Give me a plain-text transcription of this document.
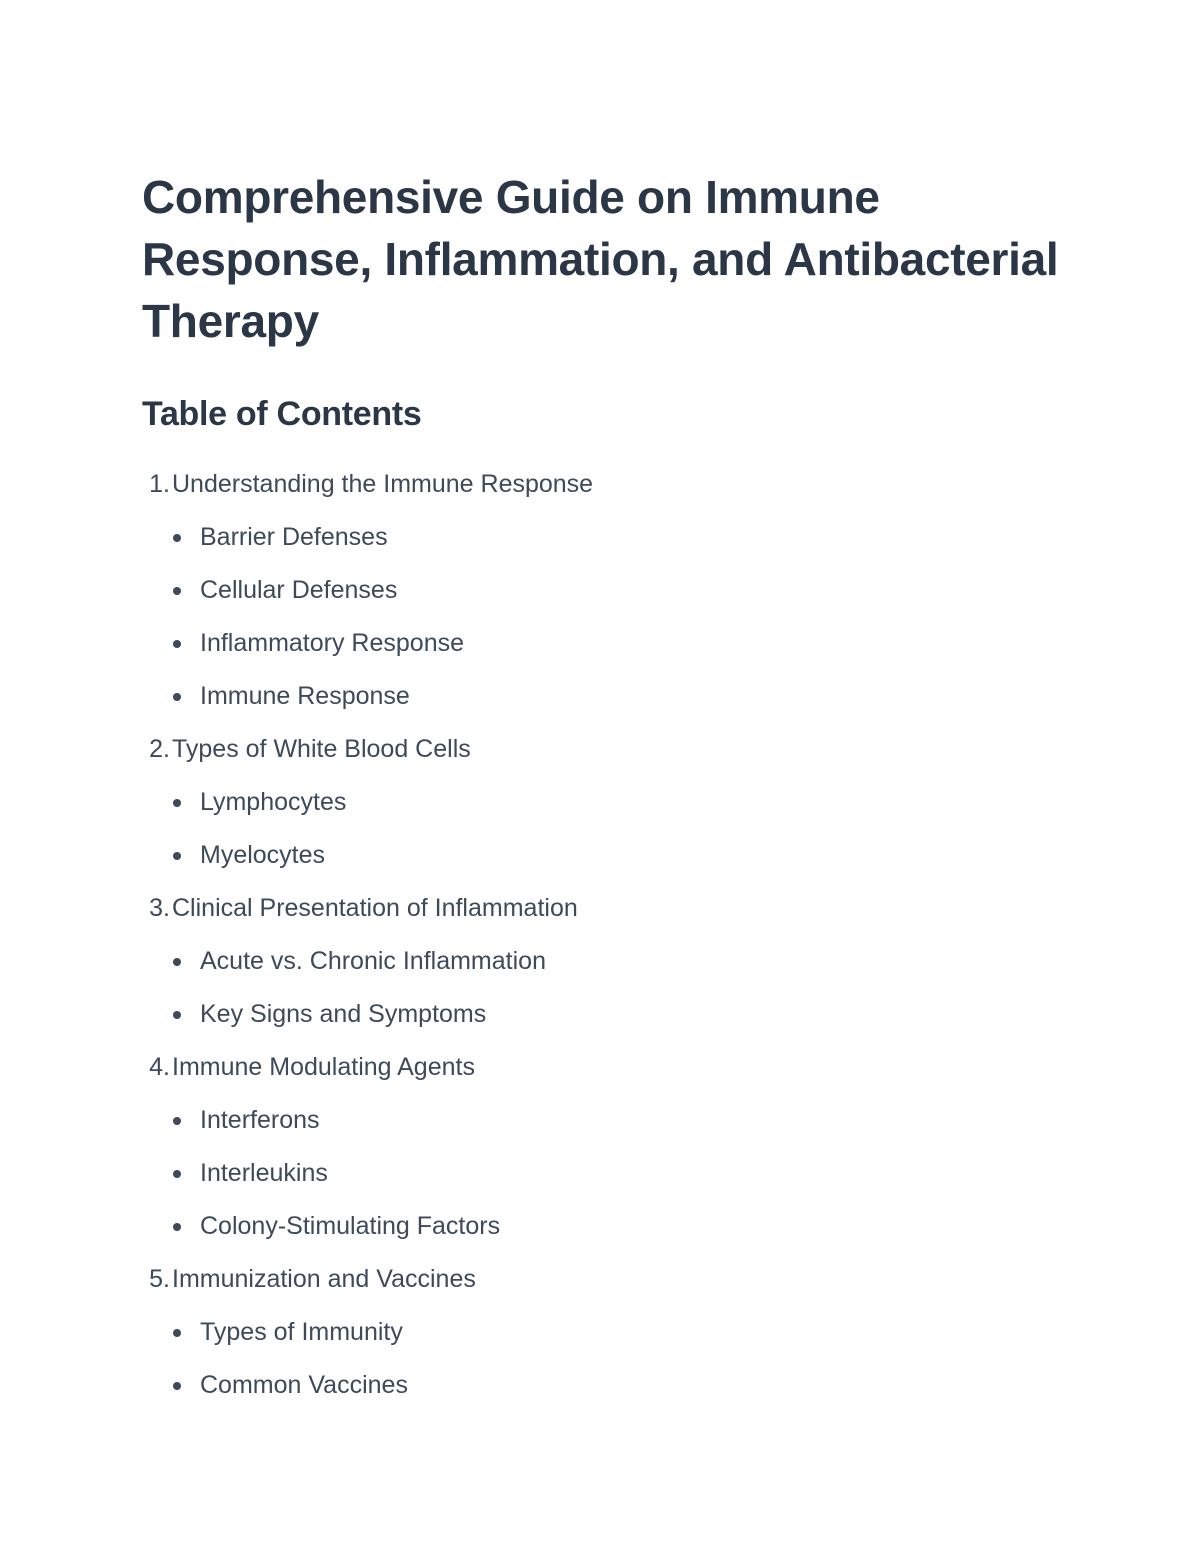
Comprehensive Guide on Immune Response, Inflammation, and Antibacterial Therapy
Table of Contents
1. Understanding the Immune Response
Barrier Defenses
Cellular Defenses
Inflammatory Response
Immune Response
2. Types of White Blood Cells
Lymphocytes
Myelocytes
3. Clinical Presentation of Inflammation
Acute vs. Chronic Inflammation
Key Signs and Symptoms
4. Immune Modulating Agents
Interferons
Interleukins
Colony-Stimulating Factors
5. Immunization and Vaccines
Types of Immunity
Common Vaccines
